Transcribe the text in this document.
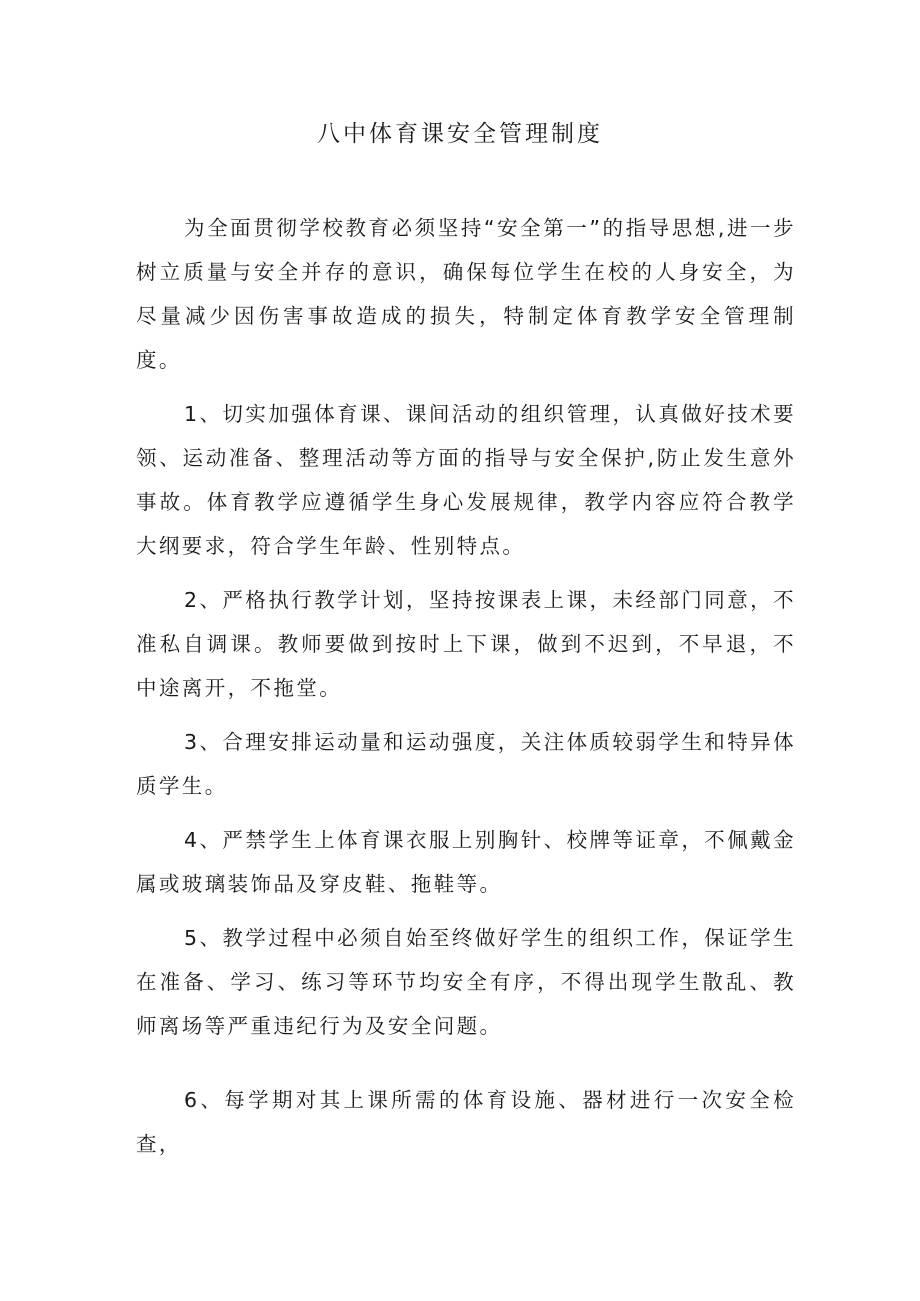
八中体育课安全管理制度

为全面贯彻学校教育必须坚持“安全第一”的指导思想,进一步树立质量与安全并存的意识，确保每位学生在校的人身安全，为尽量减少因伤害事故造成的损失，特制定体育教学安全管理制度。

1、切实加强体育课、课间活动的组织管理，认真做好技术要领、运动准备、整理活动等方面的指导与安全保护,防止发生意外事故。体育教学应遵循学生身心发展规律，教学内容应符合教学大纲要求，符合学生年龄、性别特点。

2、严格执行教学计划，坚持按课表上课，未经部门同意，不准私自调课。教师要做到按时上下课，做到不迟到，不早退，不中途离开，不拖堂。

3、合理安排运动量和运动强度，关注体质较弱学生和特异体质学生。

4、严禁学生上体育课衣服上别胸针、校牌等证章，不佩戴金属或玻璃装饰品及穿皮鞋、拖鞋等。

5、教学过程中必须自始至终做好学生的组织工作，保证学生在准备、学习、练习等环节均安全有序，不得出现学生散乱、教师离场等严重违纪行为及安全问题。

6、每学期对其上课所需的体育设施、器材进行一次安全检查，
